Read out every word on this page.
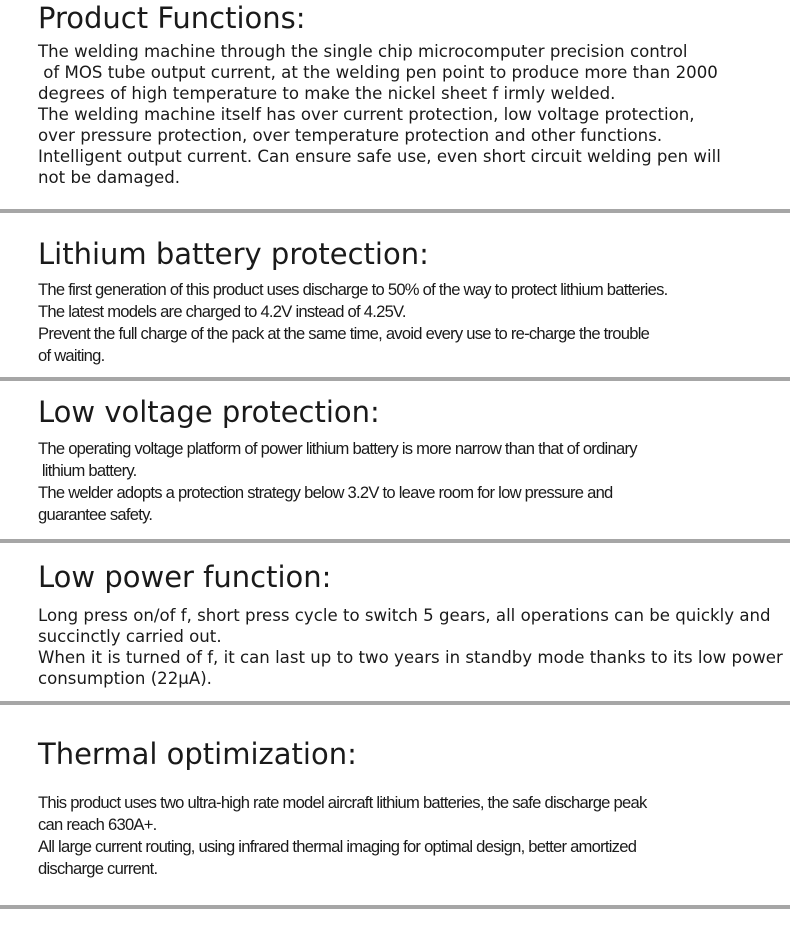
Product Functions:

The welding machine through the single chip microcomputer precision control

of MOS tube output current, at the welding pen point to produce more than 2000

degrees of high temperature to make the nickel sheet f irmly welded.

The welding machine itself has over current protection, low voltage protection,

over pressure protection, over temperature protection and other functions.

Intelligent output current. Can ensure safe use, even short circuit welding pen will

not be damaged.

Lithium battery protection:

The first generation of this product uses discharge to 50% of the way to protect lithium batteries.

The latest models are charged to 4.2V instead of 4.25V.

Prevent the full charge of the pack at the same time, avoid every use to re-charge the trouble

of waiting.

Low voltage protection:

The operating voltage platform of power lithium battery is more narrow than that of ordinary

lithium battery.

The welder adopts a protection strategy below 3.2V to leave room for low pressure and

guarantee safety.

Low power function:

Long press on/of f, short press cycle to switch 5 gears, all operations can be quickly and

succinctly carried out.

When it is turned of f, it can last up to two years in standby mode thanks to its low power

consumption (22μA).

Thermal optimization:

This product uses two ultra-high rate model aircraft lithium batteries, the safe discharge peak

can reach 630A+.

All large current routing, using infrared thermal imaging for optimal design, better amortized

discharge current.
